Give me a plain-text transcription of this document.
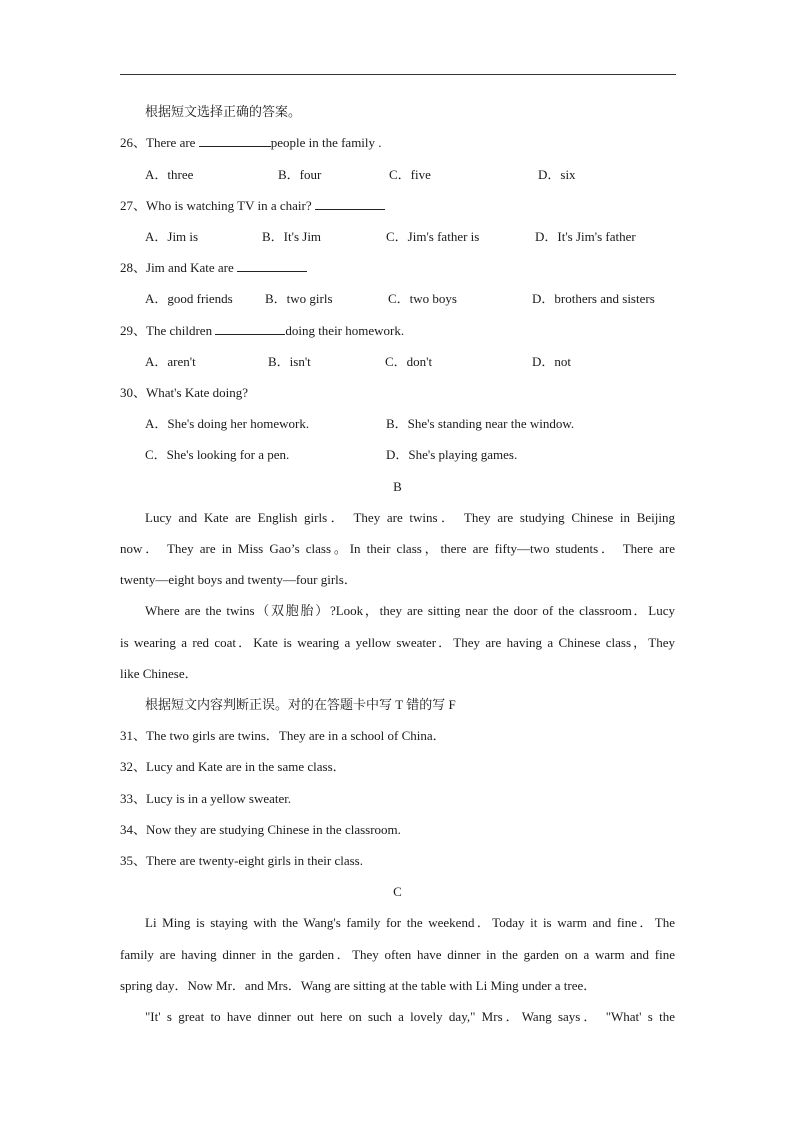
根据短文选择正确的答案。
26、There are	people in the family .
A．three	B．four	C．five	D．six
27、Who is watching TV in a chair?
A．Jim is	B．It's Jim	C．Jim's father is	D．It's Jim's father
28、Jim and Kate are
A．good friends B．two girls	C．two boys	D．brothers and sisters
29、The children	doing their homework.
A．aren't	B．isn't	C．don't	D．not
30、What's Kate doing?
A．She's doing her homework.	B．She's standing near the window.
C．She's looking for a pen.	D．She's playing games.
B
Lucy and Kate are English girls． They are twins． They are studying Chinese in Beijing
now． They are in Miss Gao’s class。In their class，there are fifty—two students． There are
twenty—eight boys and twenty—four girls．
Where are the twins（双胞胎）?Look，they are sitting near the door of the classroom．Lucy
is wearing a red coat．Kate is wearing a yellow sweater．They are having a Chinese class，They
like Chinese．
根据短文内容判断正误。对的在答题卡中写 T 错的写 F
31、The two girls are twins．They are in a school of China．
32、Lucy and Kate are in the same class．
33、Lucy is in a yellow sweater.
34、Now they are studying Chinese in the classroom.
35、There are twenty-eight girls in their class.
C
Li Ming is staying with the Wang's family for the weekend．Today it is warm and fine．The
family are having dinner in the garden．They often have dinner in the garden on a warm and fine
spring day．Now Mr．and Mrs．Wang are sitting at the table with Li Ming under a tree．
"It' s great to have dinner out here on such a lovely day," Mrs．Wang says． "What' s the
